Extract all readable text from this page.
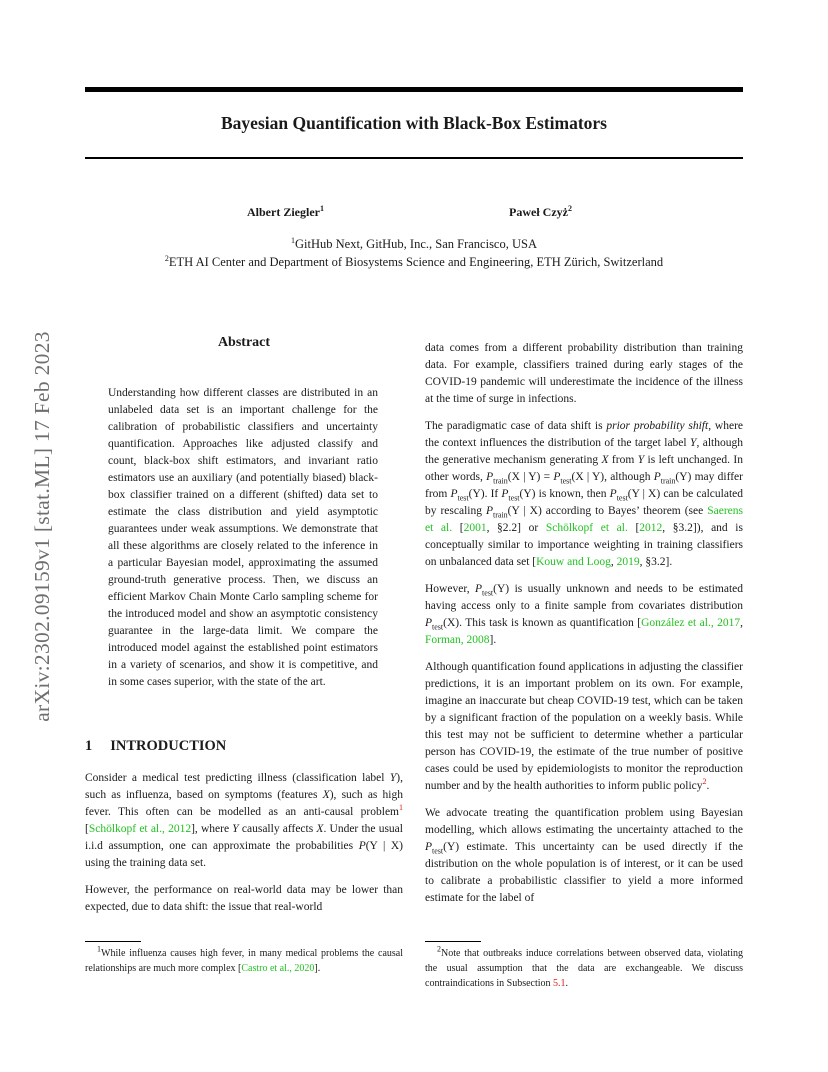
arXiv:2302.09159v1 [stat.ML] 17 Feb 2023
Bayesian Quantification with Black-Box Estimators
Albert Ziegler$^1$	Paweł Czyż$^2$
$^1$GitHub Next, GitHub, Inc., San Francisco, USA
$^2$ETH AI Center and Department of Biosystems Science and Engineering, ETH Zürich, Switzerland
Abstract

Understanding how different classes are distributed in an unlabeled data set is an important challenge for the calibration of probabilistic classifiers and uncertainty quantification. Approaches like adjusted classify and count, black-box shift estimators, and invariant ratio estimators use an auxiliary (and potentially biased) black-box classifier trained on a different (shifted) data set to estimate the class distribution and yield asymptotic guarantees under weak assumptions. We demonstrate that all these algorithms are closely related to the inference in a particular Bayesian model, approximating the assumed ground-truth generative process. Then, we discuss an efficient Markov Chain Monte Carlo sampling scheme for the introduced model and show an asymptotic consistency guarantee in the large-data limit. We compare the introduced model against the established point estimators in a variety of scenarios, and show it is competitive, and in some cases superior, with the state of the art.

1 INTRODUCTION

Consider a medical test predicting illness (classification label Y), such as influenza, based on symptoms (features X), such as high fever. This often can be modelled as an anti-causal problem$^1$ [Schölkopf et al., 2012], where Y causally affects X. Under the usual i.i.d assumption, one can approximate the probabilities P(Y | X) using the training data set.

However, the performance on real-world data may be lower than expected, due to data shift: the issue that real-world

$^1$While influenza causes high fever, in many medical problems the causal relationships are much more complex [Castro et al., 2020].

data comes from a different probability distribution than training data. For example, classifiers trained during early stages of the COVID-19 pandemic will underestimate the incidence of the illness at the time of surge in infections.

The paradigmatic case of data shift is prior probability shift, where the context influences the distribution of the target label Y, although the generative mechanism generating X from Y is left unchanged. In other words, $P_{train}(X$ | $Y) = P_{test}(X$ | Y), although $P_{train}(Y)$ may differ from $P_{test}(Y)$. If $P_{test}(Y)$ is known, then $P_{test}(Y$ | X) can be calculated by rescaling $P_{train}(Y$ | X) according to Bayes’ theorem (see Saerens et al. [2001, §2.2] or Schölkopf et al. [2012, §3.2]), and is conceptually similar to importance weighting in training classifiers on unbalanced data set [Kouw and Loog, 2019, §3.2].

However, $P_{test}(Y)$ is usually unknown and needs to be estimated having access only to a finite sample from covariates distribution $P_{test}(X)$. This task is known as quantification [González et al., 2017, Forman, 2008].

Although quantification found applications in adjusting the classifier predictions, it is an important problem on its own. For example, imagine an inaccurate but cheap COVID-19 test, which can be taken by a significant fraction of the population on a weekly basis. While this test may not be sufficient to determine whether a particular person has COVID-19, the estimate of the true number of positive cases could be used by epidemiologists to monitor the reproduction number and by the health authorities to inform public policy$^2$.

We advocate treating the quantification problem using Bayesian modelling, which allows estimating the uncertainty attached to the $P_{test}(Y)$ estimate. This uncertainty can be used directly if the distribution on the whole population is of interest, or it can be used to calibrate a probabilistic classifier to yield a more informed estimate for the label of

$^2$Note that outbreaks induce correlations between observed data, violating the usual assumption that the data are exchangeable. We discuss contraindications in Subsection 5.1.
